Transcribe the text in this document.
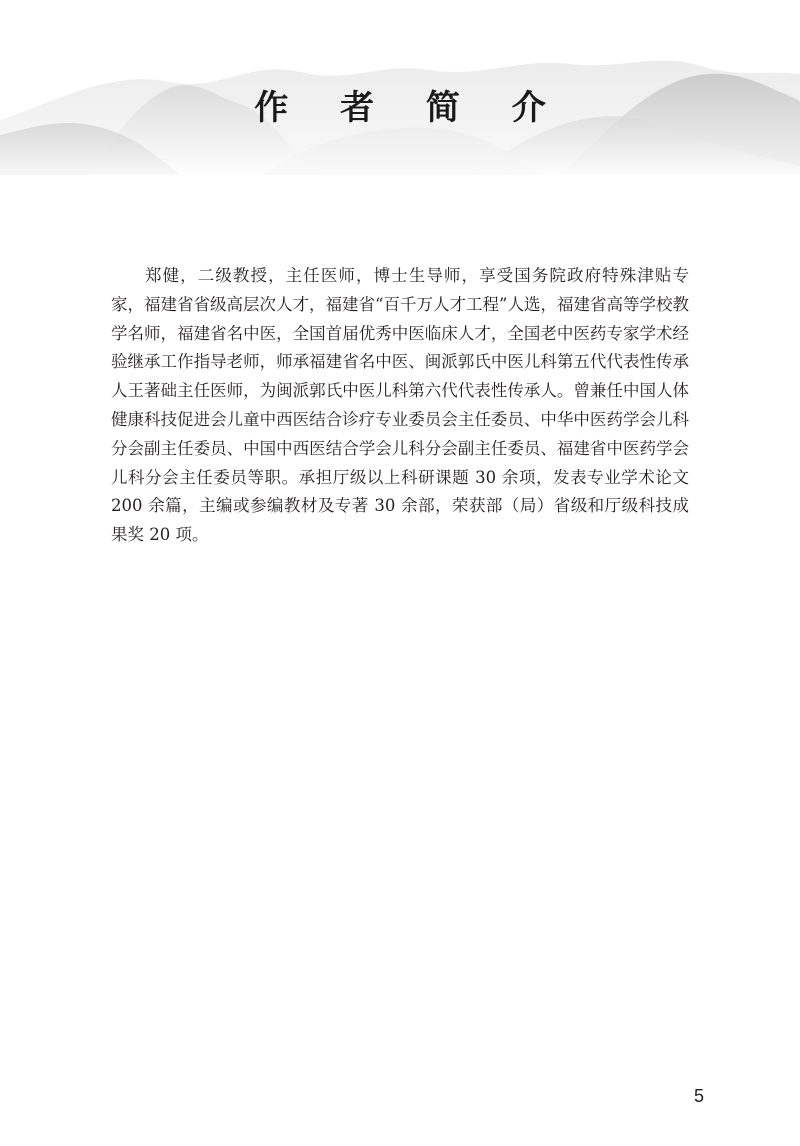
作 者 简 介

郑健，二级教授，主任医师，博士生导师，享受国务院政府特殊津贴专家，福建省省级高层次人才，福建省“百千万人才工程”人选，福建省高等学校教学名师，福建省名中医，全国首届优秀中医临床人才，全国老中医药专家学术经验继承工作指导老师，师承福建省名中医、闽派郭氏中医儿科第五代代表性传承人王著础主任医师，为闽派郭氏中医儿科第六代代表性传承人。曾兼任中国人体健康科技促进会儿童中西医结合诊疗专业委员会主任委员、中华中医药学会儿科分会副主任委员、中国中西医结合学会儿科分会副主任委员、福建省中医药学会儿科分会主任委员等职。承担厅级以上科研课题 30 余项，发表专业学术论文 200 余篇，主编或参编教材及专著 30 余部，荣获部（局）省级和厅级科技成果奖 20 项。

5
